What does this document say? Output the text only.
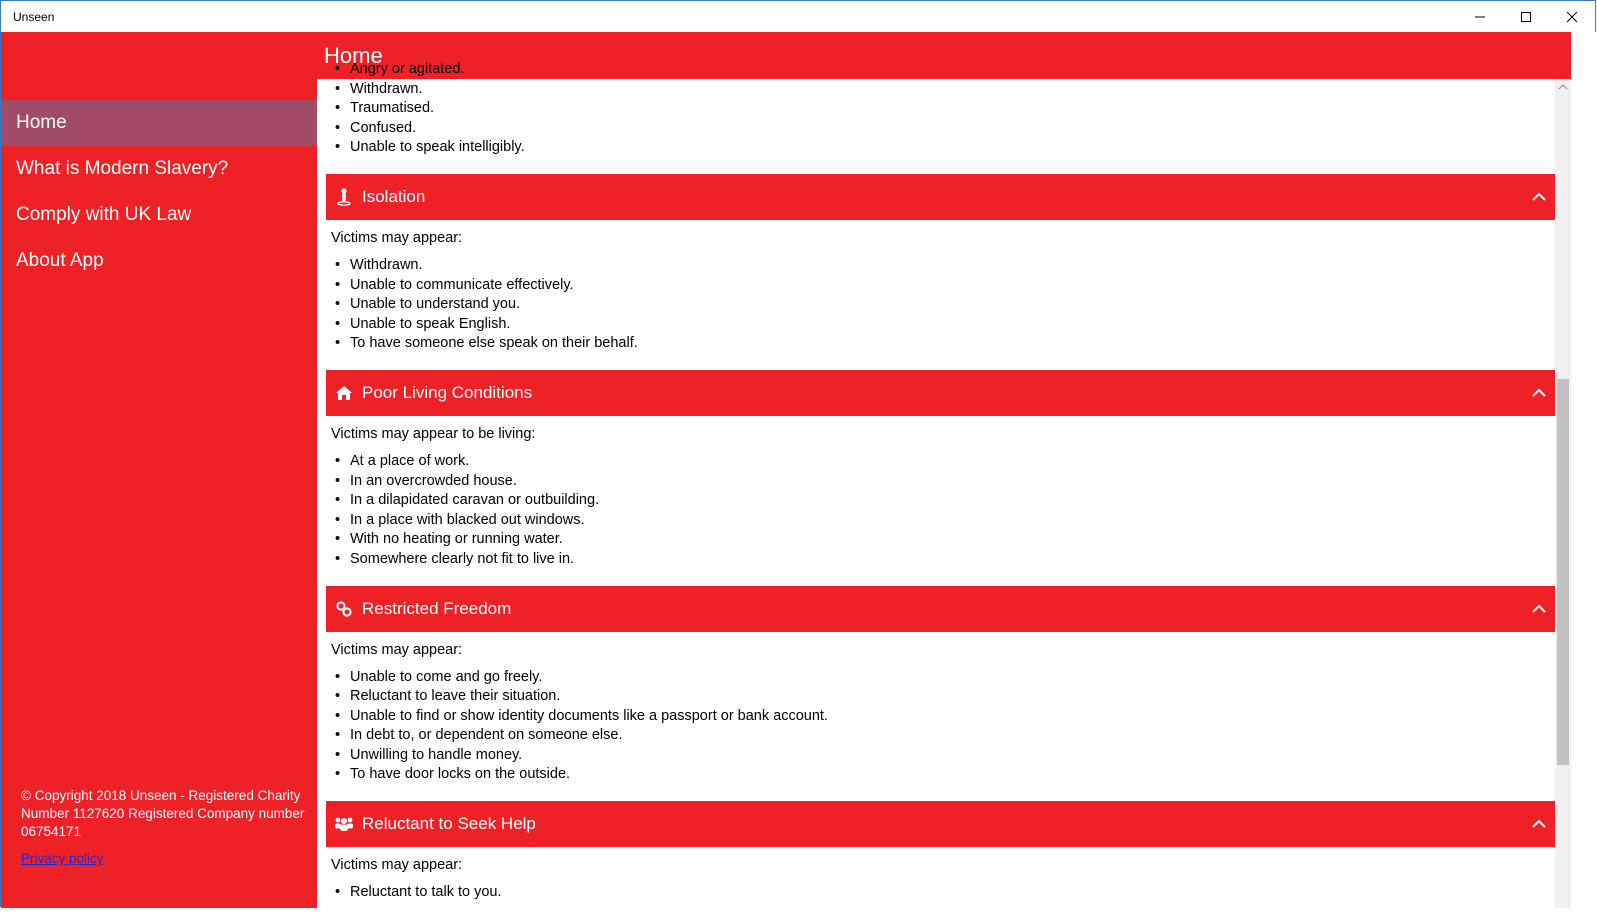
Unseen
Home
What is Modern Slavery?
Comply with UK Law
About App
© Copyright 2018 Unseen - Registered Charity Number 1127620 Registered Company number 06754171
Privacy policy
Home
• Angry or agitated.
• Withdrawn.
• Traumatised.
• Confused.
• Unable to speak intelligibly.
Isolation
Victims may appear:
• Withdrawn.
• Unable to communicate effectively.
• Unable to understand you.
• Unable to speak English.
• To have someone else speak on their behalf.
Poor Living Conditions
Victims may appear to be living:
• At a place of work.
• In an overcrowded house.
• In a dilapidated caravan or outbuilding.
• In a place with blacked out windows.
• With no heating or running water.
• Somewhere clearly not fit to live in.
Restricted Freedom
Victims may appear:
• Unable to come and go freely.
• Reluctant to leave their situation.
• Unable to find or show identity documents like a passport or bank account.
• In debt to, or dependent on someone else.
• Unwilling to handle money.
• To have door locks on the outside.
Reluctant to Seek Help
Victims may appear:
• Reluctant to talk to you.
